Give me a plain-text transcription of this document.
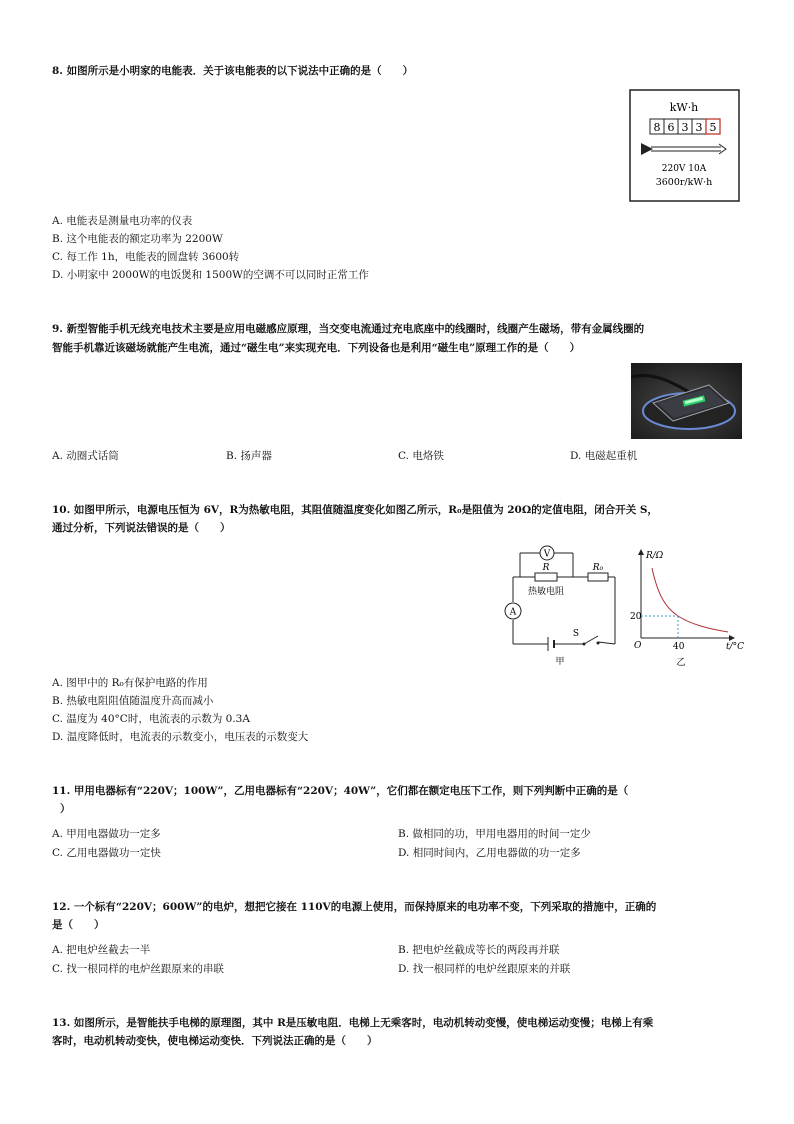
8. 如图所示是小明家的电能表．关于该电能表的以下说法中正确的是（　　）
kW·h
8 6 3 3 5
220V 10A
3600r/kW·h
A. 电能表是测量电功率的仪表
B. 这个电能表的额定功率为 2200W
C. 每工作 1h，电能表的圆盘转 3600转
D. 小明家中 2000W的电饭煲和 1500W的空调不可以同时正常工作
9. 新型智能手机无线充电技术主要是应用电磁感应原理，当交变电流通过充电底座中的线圈时，线圈产生磁场，带有金属线圈的
智能手机靠近该磁场就能产生电流，通过“磁生电”来实现充电．下列设备也是利用“磁生电”原理工作的是（　　）
A. 动圈式话筒	B. 扬声器	C. 电烙铁	D. 电磁起重机
10. 如图甲所示，电源电压恒为 6V，R为热敏电阻，其阻值随温度变化如图乙所示，R₀是阻值为 20Ω的定值电阻，闭合开关 S，
通过分析，下列说法错误的是（　　）
V
A
R	R₀
热敏电阻
S
甲
R/Ω
t/°C
O
20
40
乙
A. 图甲中的 R₀有保护电路的作用
B. 热敏电阻阻值随温度升高而减小
C. 温度为 40°C时，电流表的示数为 0.3A
D. 温度降低时，电流表的示数变小，电压表的示数变大
11. 甲用电器标有“220V；100W”，乙用电器标有“220V；40W”，它们都在额定电压下工作，则下列判断中正确的是（
）
A. 甲用电器做功一定多	B. 做相同的功，甲用电器用的时间一定少
C. 乙用电器做功一定快	D. 相同时间内，乙用电器做的功一定多
12. 一个标有“220V；600W”的电炉，想把它接在 110V的电源上使用，而保持原来的电功率不变，下列采取的措施中，正确的
是（　　）
A. 把电炉丝截去一半	B. 把电炉丝截成等长的两段再并联
C. 找一根同样的电炉丝跟原来的串联	D. 找一根同样的电炉丝跟原来的并联
13. 如图所示，是智能扶手电梯的原理图，其中 R是压敏电阻．电梯上无乘客时，电动机转动变慢，使电梯运动变慢；电梯上有乘
客时，电动机转动变快，使电梯运动变快．下列说法正确的是（　　）
